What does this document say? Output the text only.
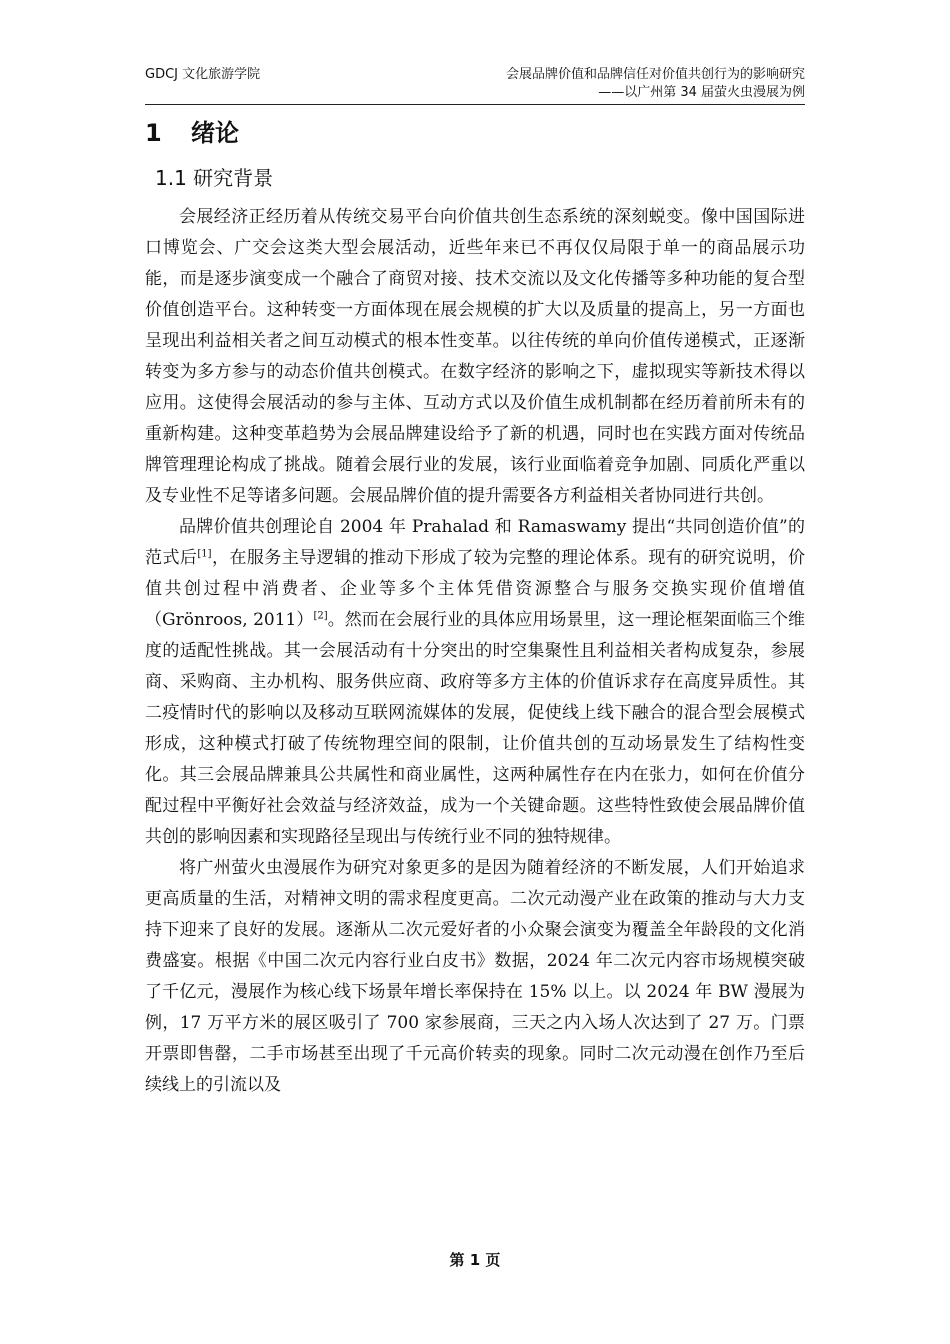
GDCJ 文化旅游学院	会展品牌价值和品牌信任对价值共创行为的影响研究
——以广州第 34 届萤火虫漫展为例
1 绪论
1.1 研究背景

会展经济正经历着从传统交易平台向价值共创生态系统的深刻蜕变。像中国国际进口博览会、广交会这类大型会展活动，近些年来已不再仅仅局限于单一的商品展示功能，而是逐步演变成一个融合了商贸对接、技术交流以及文化传播等多种功能的复合型价值创造平台。这种转变一方面体现在展会规模的扩大以及质量的提高上，另一方面也呈现出利益相关者之间互动模式的根本性变革。以往传统的单向价值传递模式，正逐渐转变为多方参与的动态价值共创模式。在数字经济的影响之下，虚拟现实等新技术得以应用。这使得会展活动的参与主体、互动方式以及价值生成机制都在经历着前所未有的重新构建。这种变革趋势为会展品牌建设给予了新的机遇，同时也在实践方面对传统品牌管理理论构成了挑战。随着会展行业的发展，该行业面临着竞争加剧、同质化严重以及专业性不足等诸多问题。会展品牌价值的提升需要各方利益相关者协同进行共创。

品牌价值共创理论自 2004 年 Prahalad 和 Ramaswamy 提出“共同创造价值”的范式后[1]，在服务主导逻辑的推动下形成了较为完整的理论体系。现有的研究说明，价值共创过程中消费者、企业等多个主体凭借资源整合与服务交换实现价值增值（Grönroos, 2011）[2]。然而在会展行业的具体应用场景里，这一理论框架面临三个维度的适配性挑战。其一会展活动有十分突出的时空集聚性且利益相关者构成复杂，参展商、采购商、主办机构、服务供应商、政府等多方主体的价值诉求存在高度异质性。其二疫情时代的影响以及移动互联网流媒体的发展，促使线上线下融合的混合型会展模式形成，这种模式打破了传统物理空间的限制，让价值共创的互动场景发生了结构性变化。其三会展品牌兼具公共属性和商业属性，这两种属性存在内在张力，如何在价值分配过程中平衡好社会效益与经济效益，成为一个关键命题。这些特性致使会展品牌价值共创的影响因素和实现路径呈现出与传统行业不同的独特规律。

将广州萤火虫漫展作为研究对象更多的是因为随着经济的不断发展，人们开始追求更高质量的生活，对精神文明的需求程度更高。二次元动漫产业在政策的推动与大力支持下迎来了良好的发展。逐渐从二次元爱好者的小众聚会演变为覆盖全年龄段的文化消费盛宴。根据《中国二次元内容行业白皮书》数据，2024 年二次元内容市场规模突破了千亿元，漫展作为核心线下场景年增长率保持在 15% 以上。以 2024 年 BW 漫展为例，17 万平方米的展区吸引了 700 家参展商，三天之内入场人次达到了 27 万。门票开票即售罄，二手市场甚至出现了千元高价转卖的现象。同时二次元动漫在创作乃至后续线上的引流以及

第 1 页
